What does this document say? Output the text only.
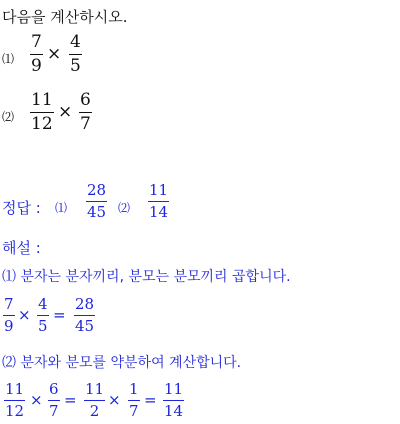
다음을 계산하시오.
⑴
7
9
×
4
5
⑵
11
12
×
6
7
정답 : ⑴
28
45 ⑵
11
14
해설 :
⑴ 분자는 분자끼리, 분모는 분모끼리 곱합니다.
7
9
×
4
5
=
28
45
⑵ 분자와 분모를 약분하여 계산합니다.
11
12
×
6
7
=
11
2
×
1
7
=
11
14
